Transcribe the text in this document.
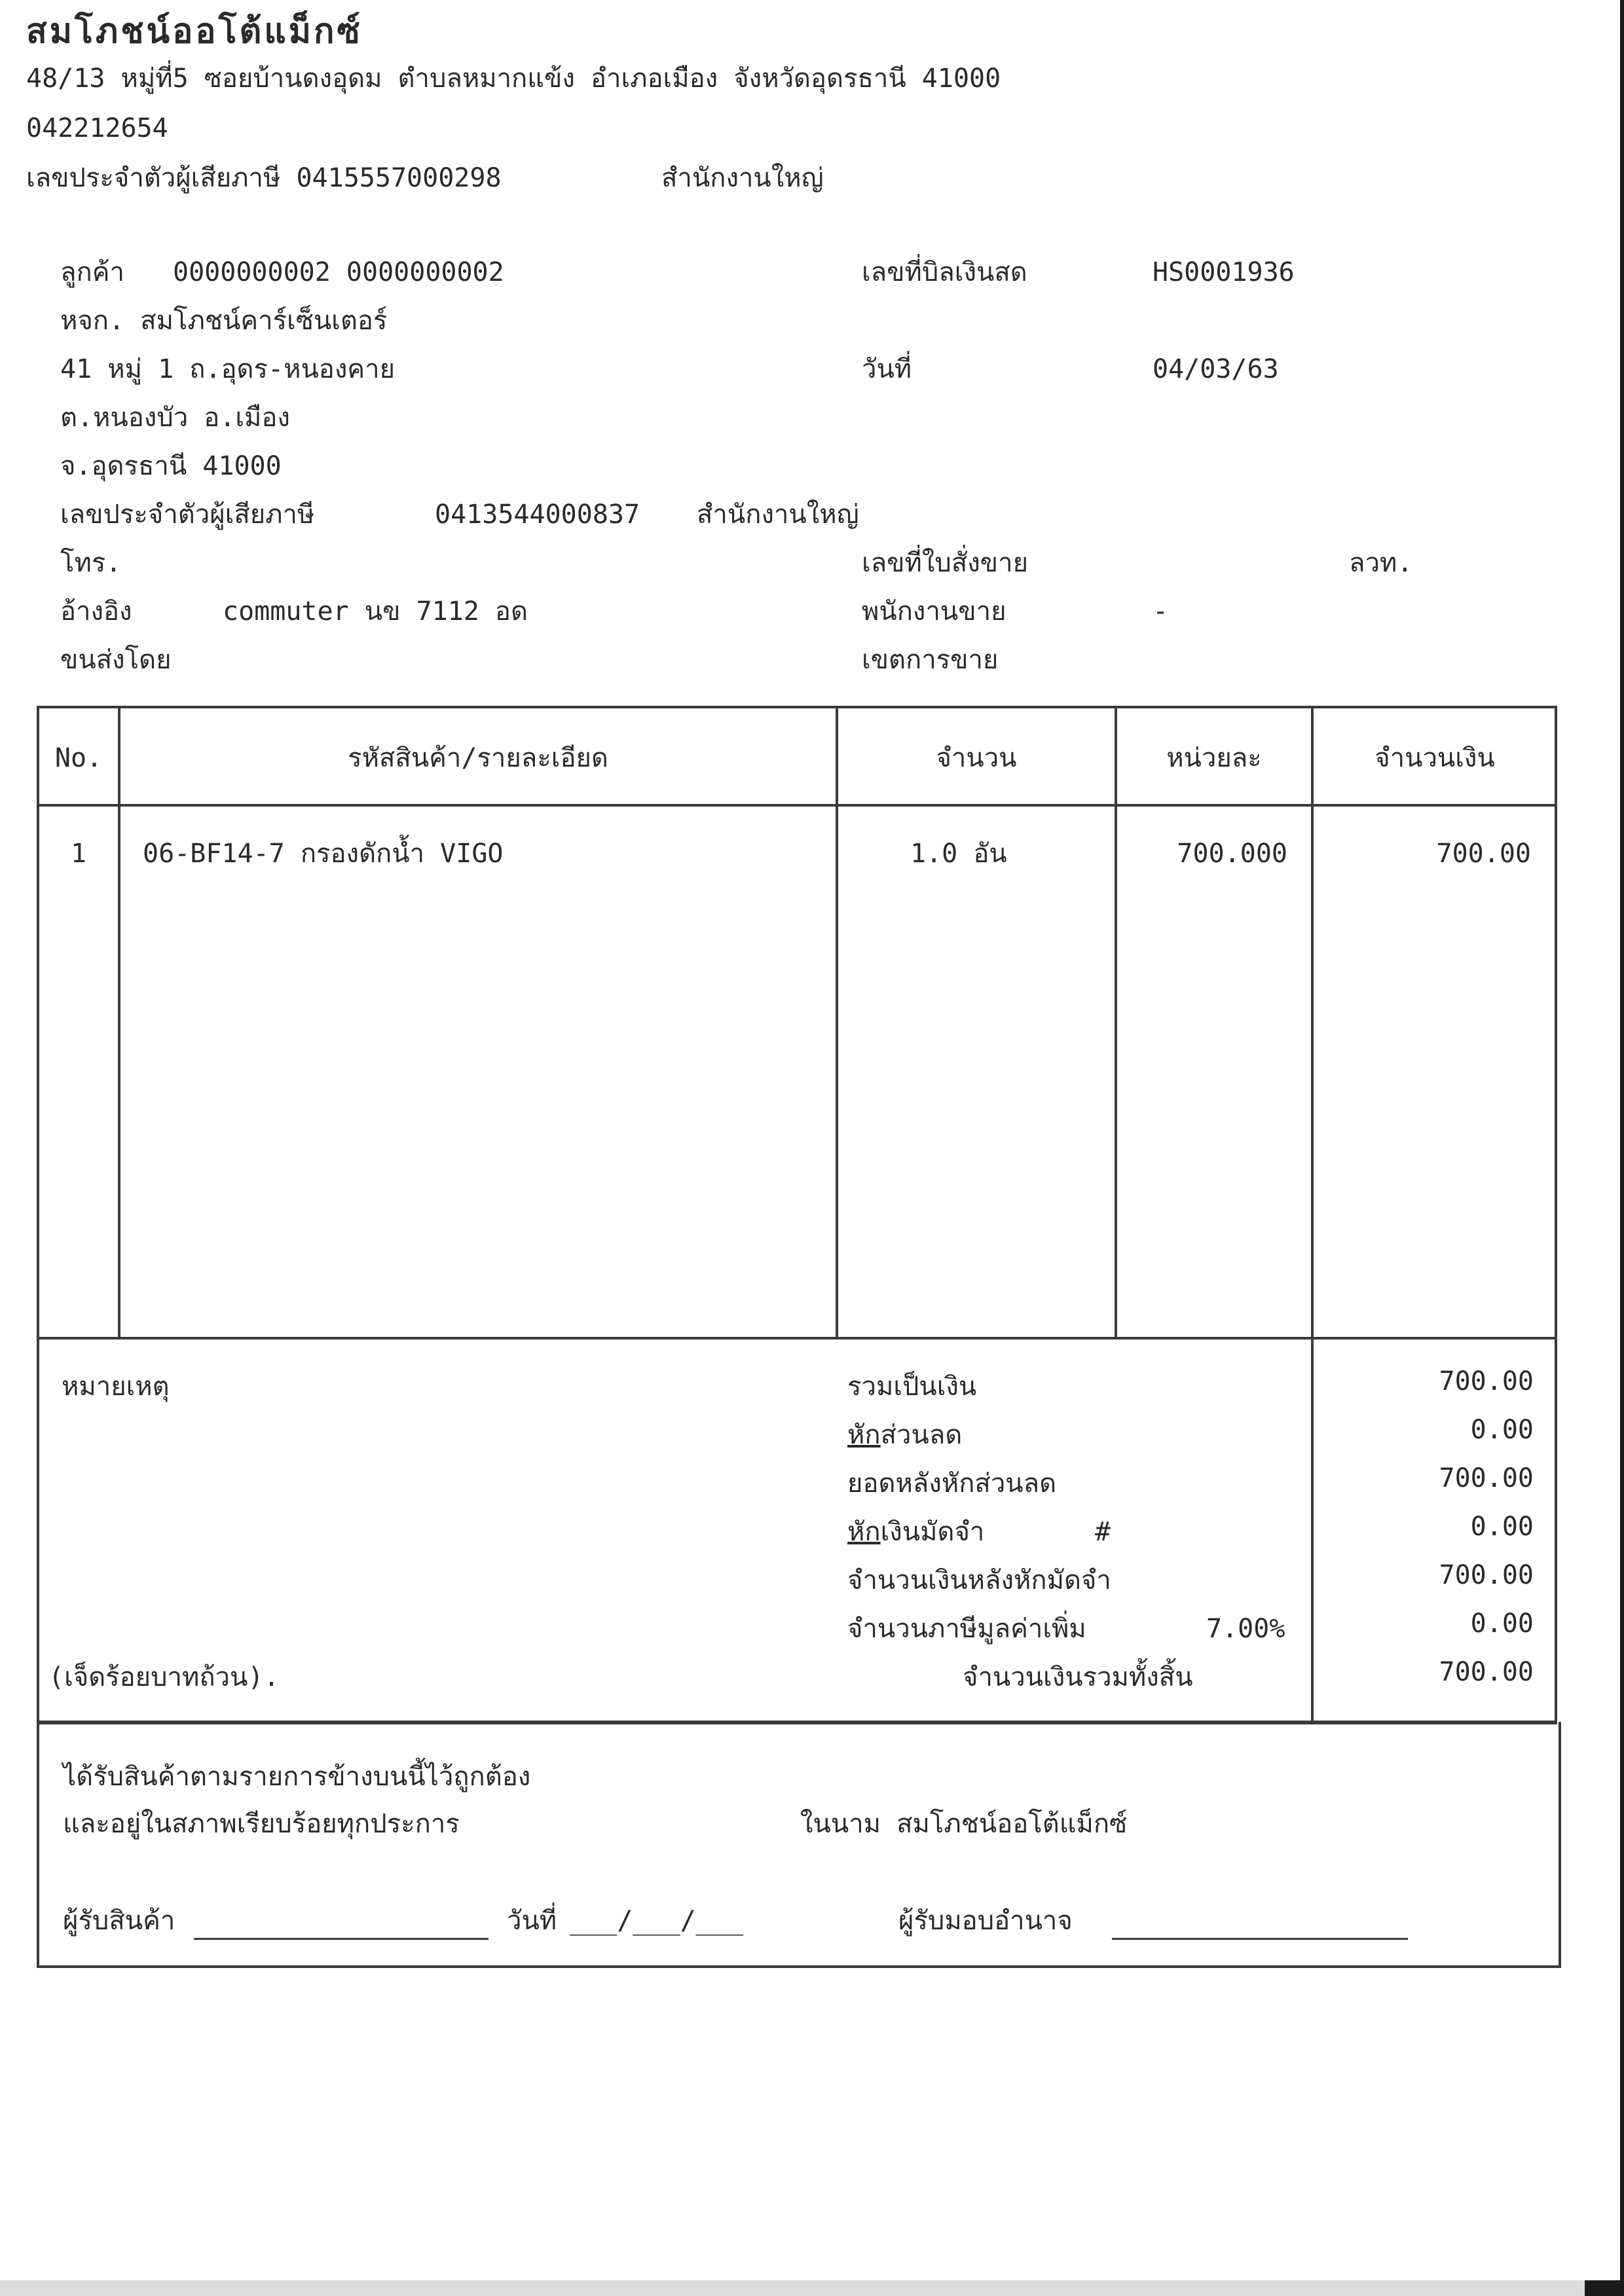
สมโภชน์ออโต้แม็กซ์
48/13 หมู่ที่5 ซอยบ้านดงอุดม ตำบลหมากแข้ง อำเภอเมือง จังหวัดอุดรธานี 41000
042212654
เลขประจำตัวผู้เสียภาษี 0415557000298	สำนักงานใหญ่
ลูกค้า 0000000002 0000000002
หจก. สมโภชน์คาร์เซ็นเตอร์
41 หมู่ 1 ถ.อุดร-หนองคาย
ต.หนองบัว อ.เมือง
จ.อุดรธานี 41000
เลขประจำตัวผู้เสียภาษี	0413544000837 สำนักงานใหญ่
โทร.
อ้างอิง	commuter นข 7112 อด
ขนส่งโดย
เลขที่บิลเงินสด	HS0001936
วันที่	04/03/63
เลขที่ใบสั่งขาย	ลวท.
พนักงานขาย	-
เขตการขาย
No.	รหัสสินค้า/รายละเอียด	จำนวน	หน่วยละ	จำนวนเงิน
1	06-BF14-7 กรองดักน้ำ VIGO	1.0 อัน	700.000	700.00
หมายเหตุ	รวมเป็นเงิน	700.00
หักส่วนลด	0.00
ยอดหลังหักส่วนลด	700.00
หักเงินมัดจำ	#	0.00
จำนวนเงินหลังหักมัดจำ	700.00
จำนวนภาษีมูลค่าเพิ่ม	7.00%	0.00
(เจ็ดร้อยบาทถ้วน).	จำนวนเงินรวมทั้งสิ้น	700.00
ได้รับสินค้าตามรายการข้างบนนี้ไว้ถูกต้อง
และอยู่ในสภาพเรียบร้อยทุกประการ	ในนาม สมโภชน์ออโต้แม็กซ์
ผู้รับสินค้า	วันที่ ___/___/___	ผู้รับมอบอำนาจ
